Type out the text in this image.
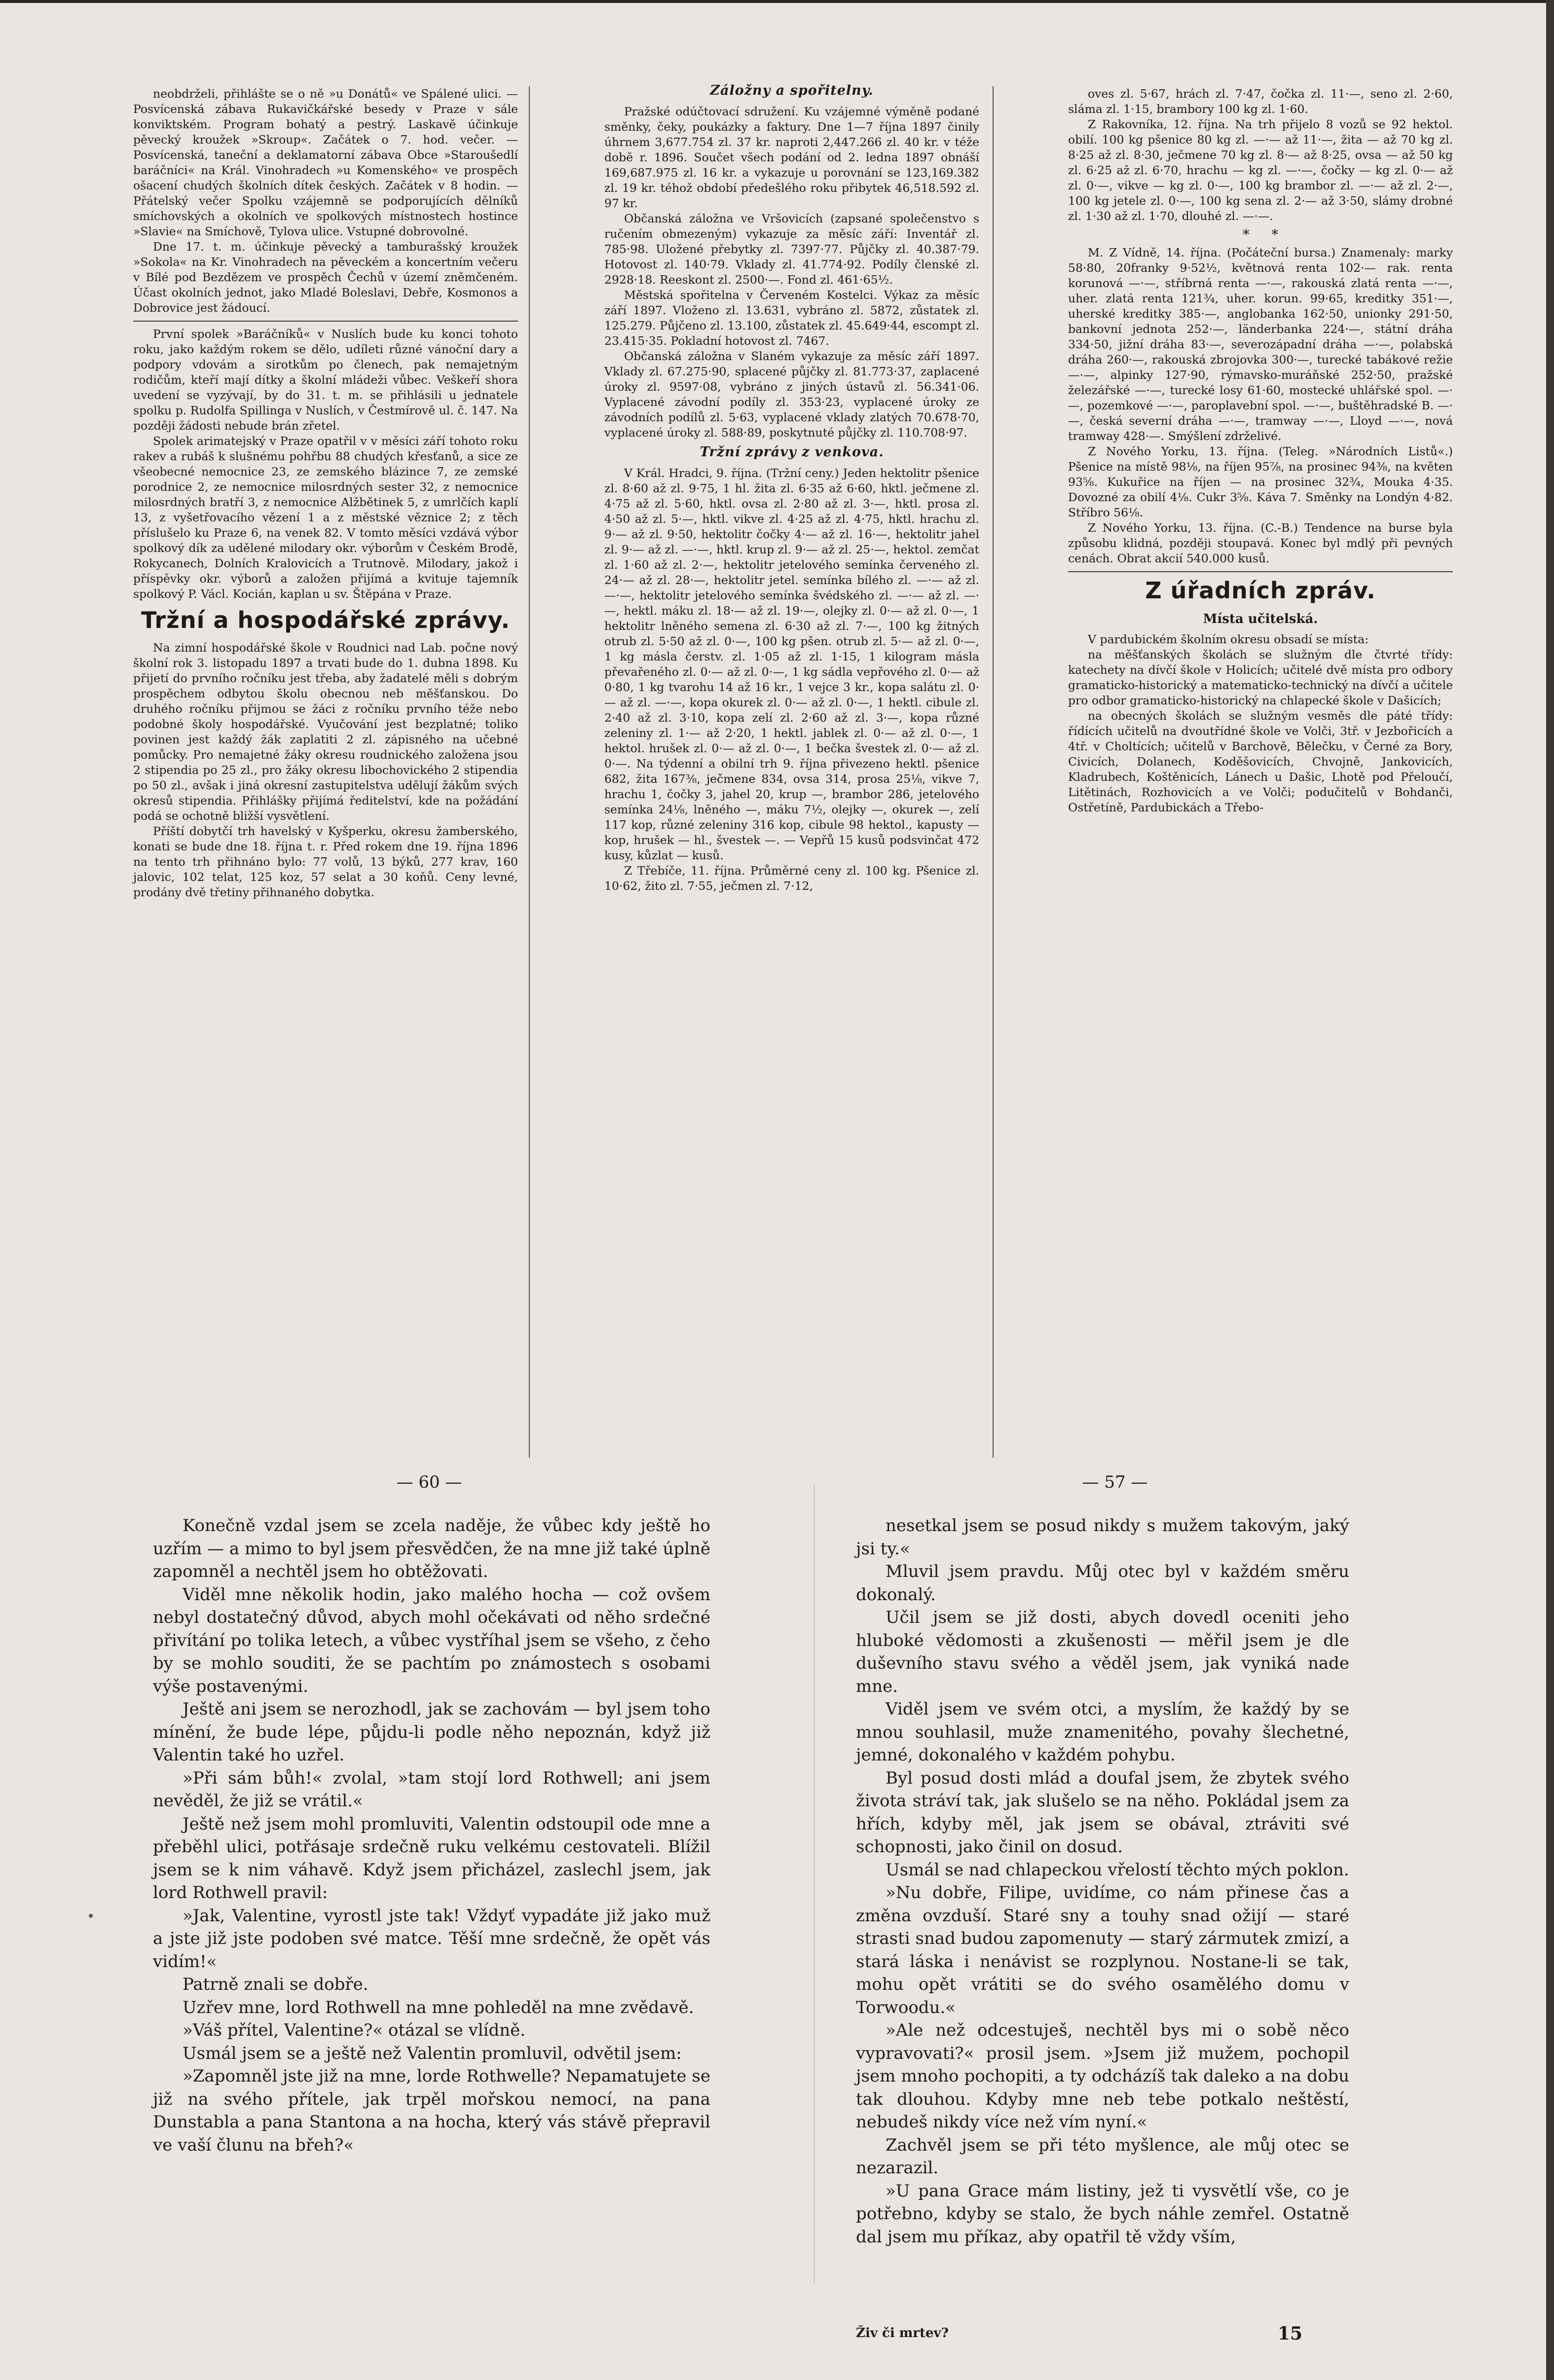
neobdrželi, přihlášte se o ně »u Donátů« ve Spálené ulici. — Posvícenská zábava Rukavičkářské besedy v Praze v sále konviktském. Program bohatý a pestrý. Laskavě účinkuje pěvecký kroužek »Skroup«. Začátek o 7. hod. večer. — Posvícenská, taneční a deklamatorní zábava Obce »Staroušedlí baráčníci« na Král. Vinohradech »u Komenského« ve prospěch ošacení chudých školních dítek českých. Začátek v 8 hodin. — Přátelský večer Spolku vzájemně se podporujících dělníků smíchovských a okolních ve spolkových místnostech hostince »Slavie« na Smíchově, Tylova ulice. Vstupné dobrovolné.

Dne 17. t. m. účinkuje pěvecký a tamburašský kroužek »Sokola« na Kr. Vinohradech na pěveckém a koncertním večeru v Bílé pod Bezdězem ve prospěch Čechů v území zněmčeném. Účast okolních jednot, jako Mladé Boleslavi, Debře, Kosmonos a Dobrovice jest žádoucí.

První spolek »Baráčníků« v Nuslích bude ku konci tohoto roku, jako každým rokem se dělo, udíleti různé vánoční dary a podpory vdovám a sirotkům po členech, pak nemajetným rodičům, kteří mají dítky a školní mládeži vůbec. Veškeří shora uvedení se vyzývají, by do 31. t. m. se přihlásili u jednatele spolku p. Rudolfa Spillinga v Nuslích, v Čestmírově ul. č. 147. Na později žádosti nebude brán zřetel.

Spolek arimatejský v Praze opatřil v v měsíci září tohoto roku rakev a rubáš k slušnému pohřbu 88 chudých křesťanů, a sice ze všeobecné nemocnice 23, ze zemského blázince 7, ze zemské porodnice 2, ze nemocnice milosrdných sester 32, z nemocnice milosrdných bratří 3, z nemocnice Alžbětinek 5, z umrlčích kaplí 13, z vyšetřovacího vězení 1 a z městské věznice 2; z těch příslušelo ku Praze 6, na venek 82. V tomto měsíci vzdává výbor spolkový dík za udělené milodary okr. výborům v Českém Brodě, Rokycanech, Dolních Kralovicích a Trutnově. Milodary, jakož i příspěvky okr. výborů a založen přijímá a kvituje tajemník spolkový P. Václ. Kocián, kaplan u sv. Štěpána v Praze.

Tržní a hospodářské zprávy.

Na zimní hospodářské škole v Roudnici nad Lab. počne nový školní rok 3. listopadu 1897 a trvati bude do 1. dubna 1898. Ku přijetí do prvního ročníku jest třeba, aby žadatelé měli s dobrým prospěchem odbytou školu obecnou neb měšťanskou. Do druhého ročníku přijmou se žáci z ročníku prvního téže nebo podobné školy hospodářské. Vyučování jest bezplatné; toliko povinen jest každý žák zaplatiti 2 zl. zápisného na učebné pomůcky. Pro nemajetné žáky okresu roudnického založena jsou 2 stipendia po 25 zl., pro žáky okresu libochovického 2 stipendia po 50 zl., avšak i jiná okresní zastupitelstva udělují žákům svých okresů stipendia. Přihlášky přijímá ředitelství, kde na požádání podá se ochotně bližší vysvětlení.

Příští dobytčí trh havelský v Kyšperku, okresu žamberského, konati se bude dne 18. října t. r. Před rokem dne 19. října 1896 na tento trh přihnáno bylo: 77 volů, 13 býků, 277 krav, 160 jalovic, 102 telat, 125 koz, 57 selat a 30 koňů. Ceny levné, prodány dvě třetiny přihnaného dobytka.

Záložny a spořitelny.

Pražské odúčtovací sdružení. Ku vzájemné výměně podané směnky, čeky, poukázky a faktury. Dne 1—7 října 1897 činily úhrnem 3,677.754 zl. 37 kr. naproti 2,447.266 zl. 40 kr. v téže době r. 1896. Součet všech podání od 2. ledna 1897 obnáší 169,687.975 zl. 16 kr. a vykazuje u porovnání se 123,169.382 zl. 19 kr. téhož období předešlého roku přibytek 46,518.592 zl. 97 kr.

Občanská záložna ve Vršovicích (zapsané společenstvo s ručením obmezeným) vykazuje za měsíc září: Inventář zl. 785·98. Uložené přebytky zl. 7397·77. Půjčky zl. 40.387·79. Hotovost zl. 140·79. Vklady zl. 41.774·92. Podíly členské zl. 2928·18. Reeskont zl. 2500·—. Fond zl. 461·65½.

Městská spořitelna v Červeném Kostelci. Výkaz za měsíc září 1897. Vloženo zl. 13.631, vybráno zl. 5872, zůstatek zl. 125.279. Půjčeno zl. 13.100, zůstatek zl. 45.649·44, escompt zl. 23.415·35. Pokladní hotovost zl. 7467.

Občanská záložna v Slaném vykazuje za měsíc září 1897. Vklady zl. 67.275·90, splacené půjčky zl. 81.773·37, zaplacené úroky zl. 9597·08, vybráno z jiných ústavů zl. 56.341·06. Vyplacené závodní podíly zl. 353·23, vyplacené úroky ze závodních podílů zl. 5·63, vyplacené vklady zlatých 70.678·70, vyplacené úroky zl. 588·89, poskytnuté půjčky zl. 110.708·97.

Tržní zprávy z venkova.

V Král. Hradci, 9. října. (Tržní ceny.) Jeden hektolitr pšenice zl. 8·60 až zl. 9·75, 1 hl. žita zl. 6·35 až 6·60, hktl. ječmene zl. 4·75 až zl. 5·60, hktl. ovsa zl. 2·80 až zl. 3·—, hktl. prosa zl. 4·50 až zl. 5·—, hktl. vikve zl. 4·25 až zl. 4·75, hktl. hrachu zl. 9·— až zl. 9·50, hektolitr čočky 4·— až zl. 16·—, hektolitr jahel zl. 9·— až zl. —·—, hktl. krup zl. 9·— až zl. 25·—, hektol. zemčat zl. 1·60 až zl. 2·—, hektolitr jetelového semínka červeného zl. 24·— až zl. 28·—, hektolitr jetel. semínka bílého zl. —·— až zl. —·—, hektolitr jetelového semínka švédského zl. —·— až zl. —·—, hektl. máku zl. 18·— až zl. 19·—, olejky zl. 0·— až zl. 0·—, 1 hektolitr lněného semena zl. 6·30 až zl. 7·—, 100 kg žitných otrub zl. 5·50 až zl. 0·—, 100 kg pšen. otrub zl. 5·— až zl. 0·—, 1 kg másla čerstv. zl. 1·05 až zl. 1·15, 1 kilogram másla převařeného zl. 0·— až zl. 0·—, 1 kg sádla vepřového zl. 0·— až 0·80, 1 kg tvarohu 14 až 16 kr., 1 vejce 3 kr., kopa salátu zl. 0·— až zl. —·—, kopa okurek zl. 0·— až zl. 0·—, 1 hektl. cibule zl. 2·40 až zl. 3·10, kopa zelí zl. 2·60 až zl. 3·—, kopa různé zeleniny zl. 1·— až 2·20, 1 hektl. jablek zl. 0·— až zl. 0·—, 1 hektol. hrušek zl. 0·— až zl. 0·—, 1 bečka švestek zl. 0·— až zl. 0·—. Na týdenní a obilní trh 9. října přivezeno hektl. pšenice 682, žita 167⅜, ječmene 834, ovsa 314, prosa 25⅛, vikve 7, hrachu 1, čočky 3, jahel 20, krup —, brambor 286, jetelového semínka 24⅛, lněného —, máku 7½, olejky —, okurek —, zelí 117 kop, různé zeleniny 316 kop, cibule 98 hektol., kapusty — kop, hrušek — hl., švestek —. — Vepřů 15 kusů podsvinčat 472 kusy, kůzlat — kusů.

Z Třebíče, 11. října. Průměrné ceny zl. 100 kg. Pšenice zl. 10·62, žito zl. 7·55, ječmen zl. 7·12,

oves zl. 5·67, hrách zl. 7·47, čočka zl. 11·—, seno zl. 2·60, sláma zl. 1·15, brambory 100 kg zl. 1·60.

Z Rakovníka, 12. října. Na trh přijelo 8 vozů se 92 hektol. obilí. 100 kg pšenice 80 kg zl. —·— až 11·—, žita — až 70 kg zl. 8·25 až zl. 8·30, ječmene 70 kg zl. 8·— až 8·25, ovsa — až 50 kg zl. 6·25 až zl. 6·70, hrachu — kg zl. —·—, čočky — kg zl. 0·— až zl. 0·—, vikve — kg zl. 0·—, 100 kg brambor zl. —·— až zl. 2·—, 100 kg jetele zl. 0·—, 100 kg sena zl. 2·— až 3·50, slámy drobné zl. 1·30 až zl. 1·70, dlouhé zl. —·—.

*     *

M. Z Vídně, 14. října. (Počáteční bursa.) Znamenaly: marky 58·80, 20franky 9·52½, květnová renta 102·— rak. renta korunová —·—, stříbrná renta —·—, rakouská zlatá renta —·—, uher. zlatá renta 121¾, uher. korun. 99·65, kreditky 351·—, uherské kreditky 385·—, anglobanka 162·50, unionky 291·50, bankovní jednota 252·—, länderbanka 224·—, státní dráha 334·50, jižní dráha 83·—, severozápadní dráha —·—, polabská dráha 260·—, rakouská zbrojovka 300·—, turecké tabákové režie —·—, alpinky 127·90, rýmavsko-muráňské 252·50, pražské železářské —·—, turecké losy 61·60, mostecké uhlářské spol. —·—, pozemkové —·—, paroplavební spol. —·—, buštěhradské B. —·—, česká severní dráha —·—, tramway —·—, Lloyd —·—, nová tramway 428·—. Smýšlení zdrželivé.

Z Nového Yorku, 13. října. (Teleg. »Národních Listů«.) Pšenice na místě 98⅛, na říjen 95⅞, na prosinec 94⅜, na květen 93⅝. Kukuřice na říjen — na prosinec 32¾, Mouka 4·35. Dovozné za obilí 4⅛. Cukr 3⅝. Káva 7. Směnky na Londýn 4·82. Stříbro 56⅛.

Z Nového Yorku, 13. října. (C.-B.) Tendence na burse byla způsobu klidná, později stoupavá. Konec byl mdlý při pevných cenách. Obrat akcií 540.000 kusů.

Z úřadních zpráv.
Místa učitelská.

V pardubickém školním okresu obsadí se místa:

na měšťanských školách se služným dle čtvrté třídy: katechety na dívčí škole v Holicích; učitelé dvě místa pro odbory gramaticko-historický a matematicko-technický na dívčí a učitele pro odbor gramaticko-historický na chlapecké škole v Dašicích;

na obecných školách se služným vesměs dle páté třídy: řídících učitelů na dvoutřídné škole ve Volči, 3tř. v Jezbořicích a 4tř. v Choltících; učitelů v Barchově, Bělečku, v Černé za Bory, Civicích, Dolanech, Koděšovicích, Chvojně, Jankovicích, Kladrubech, Koštěnicích, Lánech u Dašic, Lhotě pod Přeloučí, Litětinách, Rozhovicích a ve Volči; podučitelů v Bohdanči, Ostřetíně, Pardubickách a Třebo-

— 60 —	— 57 —

Konečně vzdal jsem se zcela naděje, že vůbec kdy ještě ho uzřím — a mimo to byl jsem přesvědčen, že na mne již také úplně zapomněl a nechtěl jsem ho obtěžovati.

Viděl mne několik hodin, jako malého hocha — což ovšem nebyl dostatečný důvod, abych mohl očekávati od něho srdečné přivítání po tolika letech, a vůbec vystříhal jsem se všeho, z čeho by se mohlo souditi, že se pachtím po známostech s osobami výše postavenými.

Ještě ani jsem se nerozhodl, jak se zachovám — byl jsem toho mínění, že bude lépe, půjdu-li podle něho nepoznán, když již Valentin také ho uzřel.

»Při sám bůh!« zvolal, »tam stojí lord Rothwell; ani jsem nevěděl, že již se vrátil.«

Ještě než jsem mohl promluviti, Valentin odstoupil ode mne a přeběhl ulici, potřásaje srdečně ruku velkému cestovateli. Blížil jsem se k nim váhavě. Když jsem přicházel, zaslechl jsem, jak lord Rothwell pravil:

»Jak, Valentine, vyrostl jste tak! Vždyť vypadáte již jako muž a jste již jste podoben své matce. Těší mne srdečně, že opět vás vidím!«

Patrně znali se dobře.

Uzřev mne, lord Rothwell na mne pohleděl na mne zvědavě.

»Váš přítel, Valentine?« otázal se vlídně.

Usmál jsem se a ještě než Valentin promluvil, odvětil jsem:

»Zapomněl jste již na mne, lorde Rothwelle? Nepamatujete se již na svého přítele, jak trpěl mořskou nemocí, na pana Dunstabla a pana Stantona a na hocha, který vás stávě přepravil ve vaší člunu na břeh?«

nesetkal jsem se posud nikdy s mužem takovým, jaký jsi ty.«

Mluvil jsem pravdu. Můj otec byl v každém směru dokonalý.

Učil jsem se již dosti, abych dovedl oceniti jeho hluboké vědomosti a zkušenosti — měřil jsem je dle duševního stavu svého a věděl jsem, jak vyniká nade mne.

Viděl jsem ve svém otci, a myslím, že každý by se mnou souhlasil, muže znamenitého, povahy šlechetné, jemné, dokonalého v každém pohybu.

Byl posud dosti mlád a doufal jsem, že zbytek svého života stráví tak, jak slušelo se na něho. Pokládal jsem za hřích, kdyby měl, jak jsem se obával, ztráviti své schopnosti, jako činil on dosud.

Usmál se nad chlapeckou vřelostí těchto mých poklon.

»Nu dobře, Filipe, uvidíme, co nám přinese čas a změna ovzduší. Staré sny a touhy snad ožijí — staré strasti snad budou zapomenuty — starý zármutek zmizí, a stará láska i nenávist se rozplynou. Nostane-li se tak, mohu opět vrátiti se do svého osamělého domu v Torwoodu.«

»Ale než odcestuješ, nechtěl bys mi o sobě něco vypravovati?« prosil jsem. »Jsem již mužem, pochopil jsem mnoho pochopiti, a ty odcházíš tak daleko a na dobu tak dlouhou. Kdyby mne neb tebe potkalo neštěstí, nebudeš nikdy více než vím nyní.«

Zachvěl jsem se při této myšlence, ale můj otec se nezarazil.

»U pana Grace mám listiny, jež ti vysvětlí vše, co je potřebno, kdyby se stalo, že bych náhle zemřel. Ostatně dal jsem mu příkaz, aby opatřil tě vždy vším,

Živ či mrtev?	15
